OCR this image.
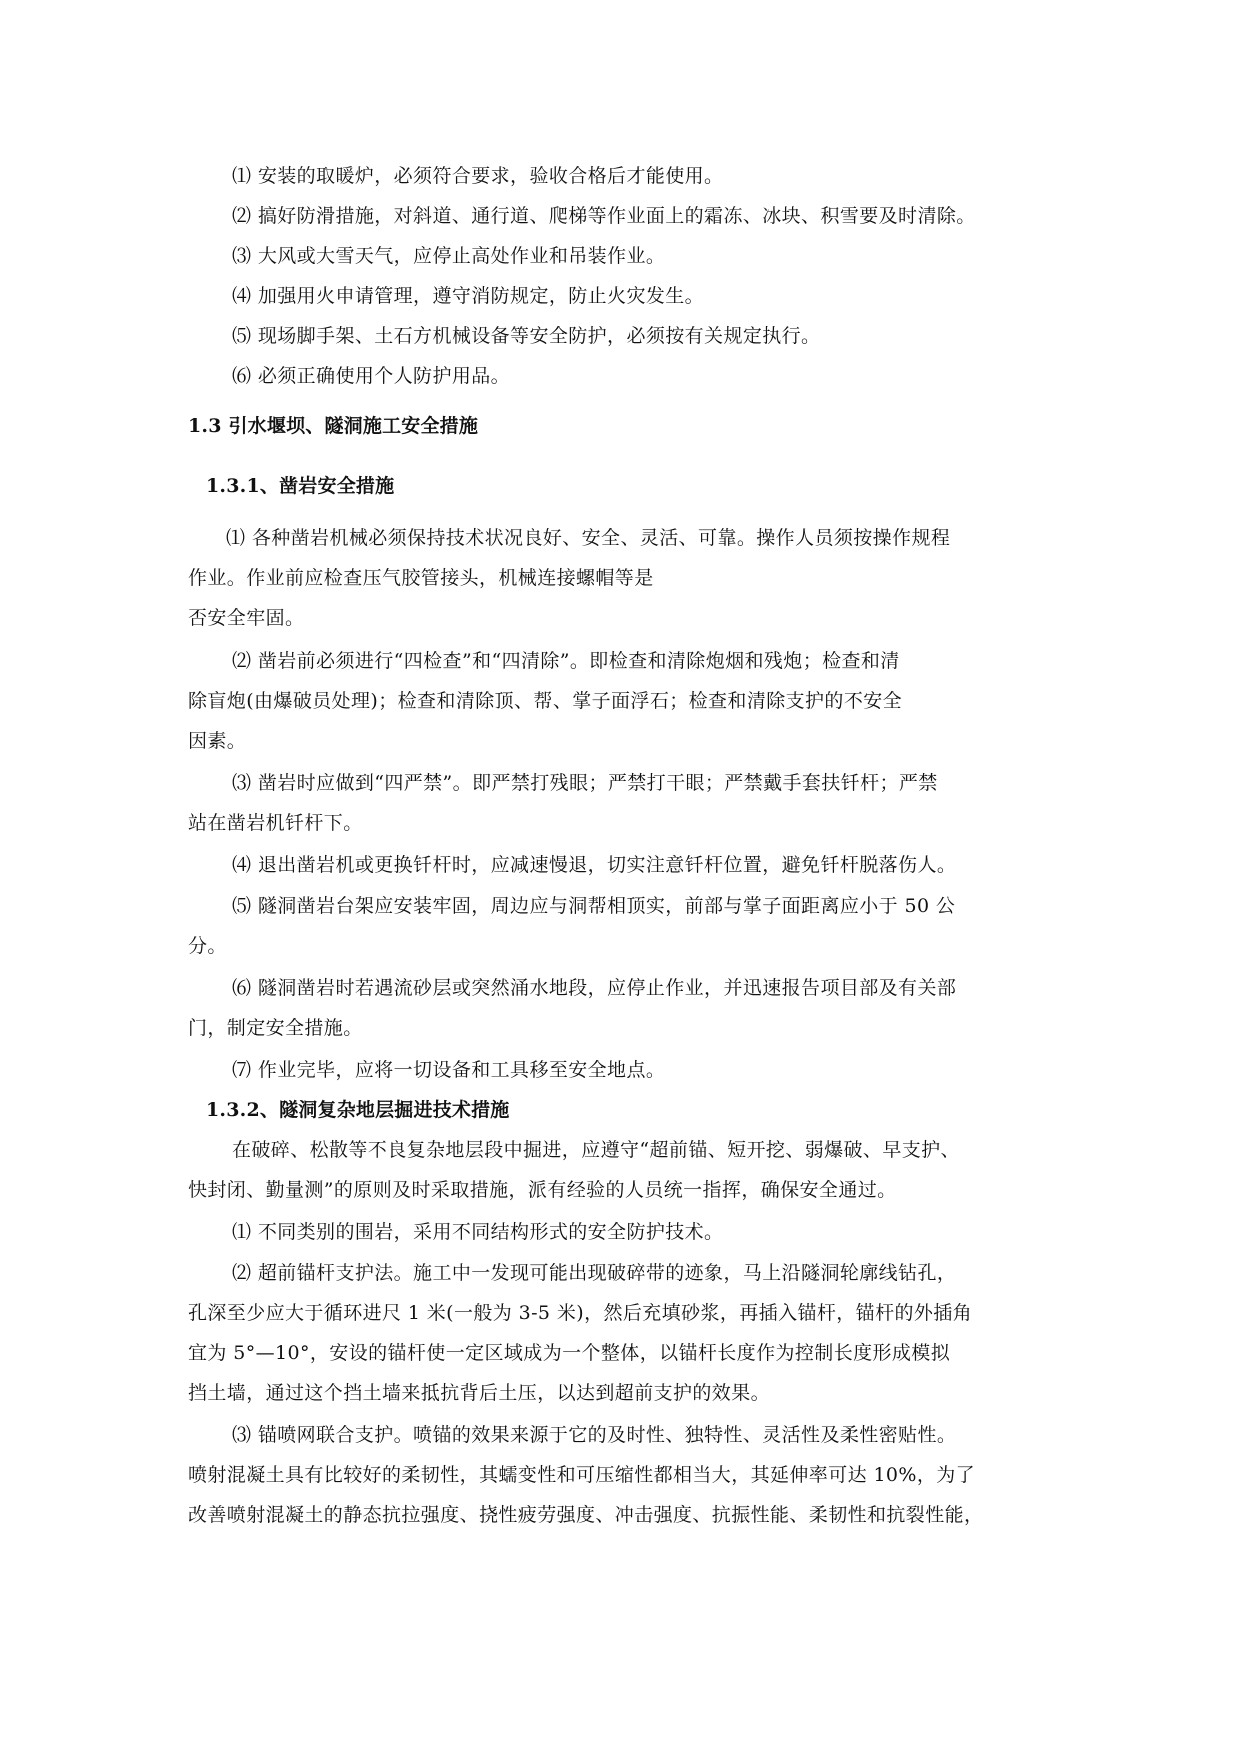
⑴ 安装的取暖炉，必须符合要求，验收合格后才能使用。
⑵ 搞好防滑措施，对斜道、通行道、爬梯等作业面上的霜冻、冰块、积雪要及时清除。
⑶ 大风或大雪天气，应停止高处作业和吊装作业。
⑷ 加强用火申请管理，遵守消防规定，防止火灾发生。
⑸ 现场脚手架、土石方机械设备等安全防护，必须按有关规定执行。
⑹ 必须正确使用个人防护用品。
1.3 引水堰坝、隧洞施工安全措施
1.3.1、凿岩安全措施
⑴ 各种凿岩机械必须保持技术状况良好、安全、灵活、可靠。操作人员须按操作规程
作业。作业前应检查压气胶管接头，机械连接螺帽等是
否安全牢固。
⑵ 凿岩前必须进行“四检查”和“四清除”。即检查和清除炮烟和残炮；检查和清
除盲炮(由爆破员处理)；检查和清除顶、帮、掌子面浮石；检查和清除支护的不安全
因素。
⑶ 凿岩时应做到“四严禁”。即严禁打残眼；严禁打干眼；严禁戴手套扶钎杆；严禁
站在凿岩机钎杆下。
⑷ 退出凿岩机或更换钎杆时，应减速慢退，切实注意钎杆位置，避免钎杆脱落伤人。
⑸ 隧洞凿岩台架应安装牢固，周边应与洞帮相顶实，前部与掌子面距离应小于 50 公
分。
⑹ 隧洞凿岩时若遇流砂层或突然涌水地段，应停止作业，并迅速报告项目部及有关部
门，制定安全措施。
⑺ 作业完毕，应将一切设备和工具移至安全地点。
1.3.2、隧洞复杂地层掘进技术措施
在破碎、松散等不良复杂地层段中掘进，应遵守“超前锚、短开挖、弱爆破、早支护、
快封闭、勤量测”的原则及时采取措施，派有经验的人员统一指挥，确保安全通过。
⑴ 不同类别的围岩，采用不同结构形式的安全防护技术。
⑵ 超前锚杆支护法。施工中一发现可能出现破碎带的迹象，马上沿隧洞轮廓线钻孔，
孔深至少应大于循环进尺 1 米(一般为 3-5 米)，然后充填砂浆，再插入锚杆，锚杆的外插角
宜为 5°—10°，安设的锚杆使一定区域成为一个整体，以锚杆长度作为控制长度形成模拟
挡土墙，通过这个挡土墙来抵抗背后土压，以达到超前支护的效果。
⑶ 锚喷网联合支护。喷锚的效果来源于它的及时性、独特性、灵活性及柔性密贴性。
喷射混凝土具有比较好的柔韧性，其蠕变性和可压缩性都相当大，其延伸率可达 10%，为了
改善喷射混凝土的静态抗拉强度、挠性疲劳强度、冲击强度、抗振性能、柔韧性和抗裂性能，
